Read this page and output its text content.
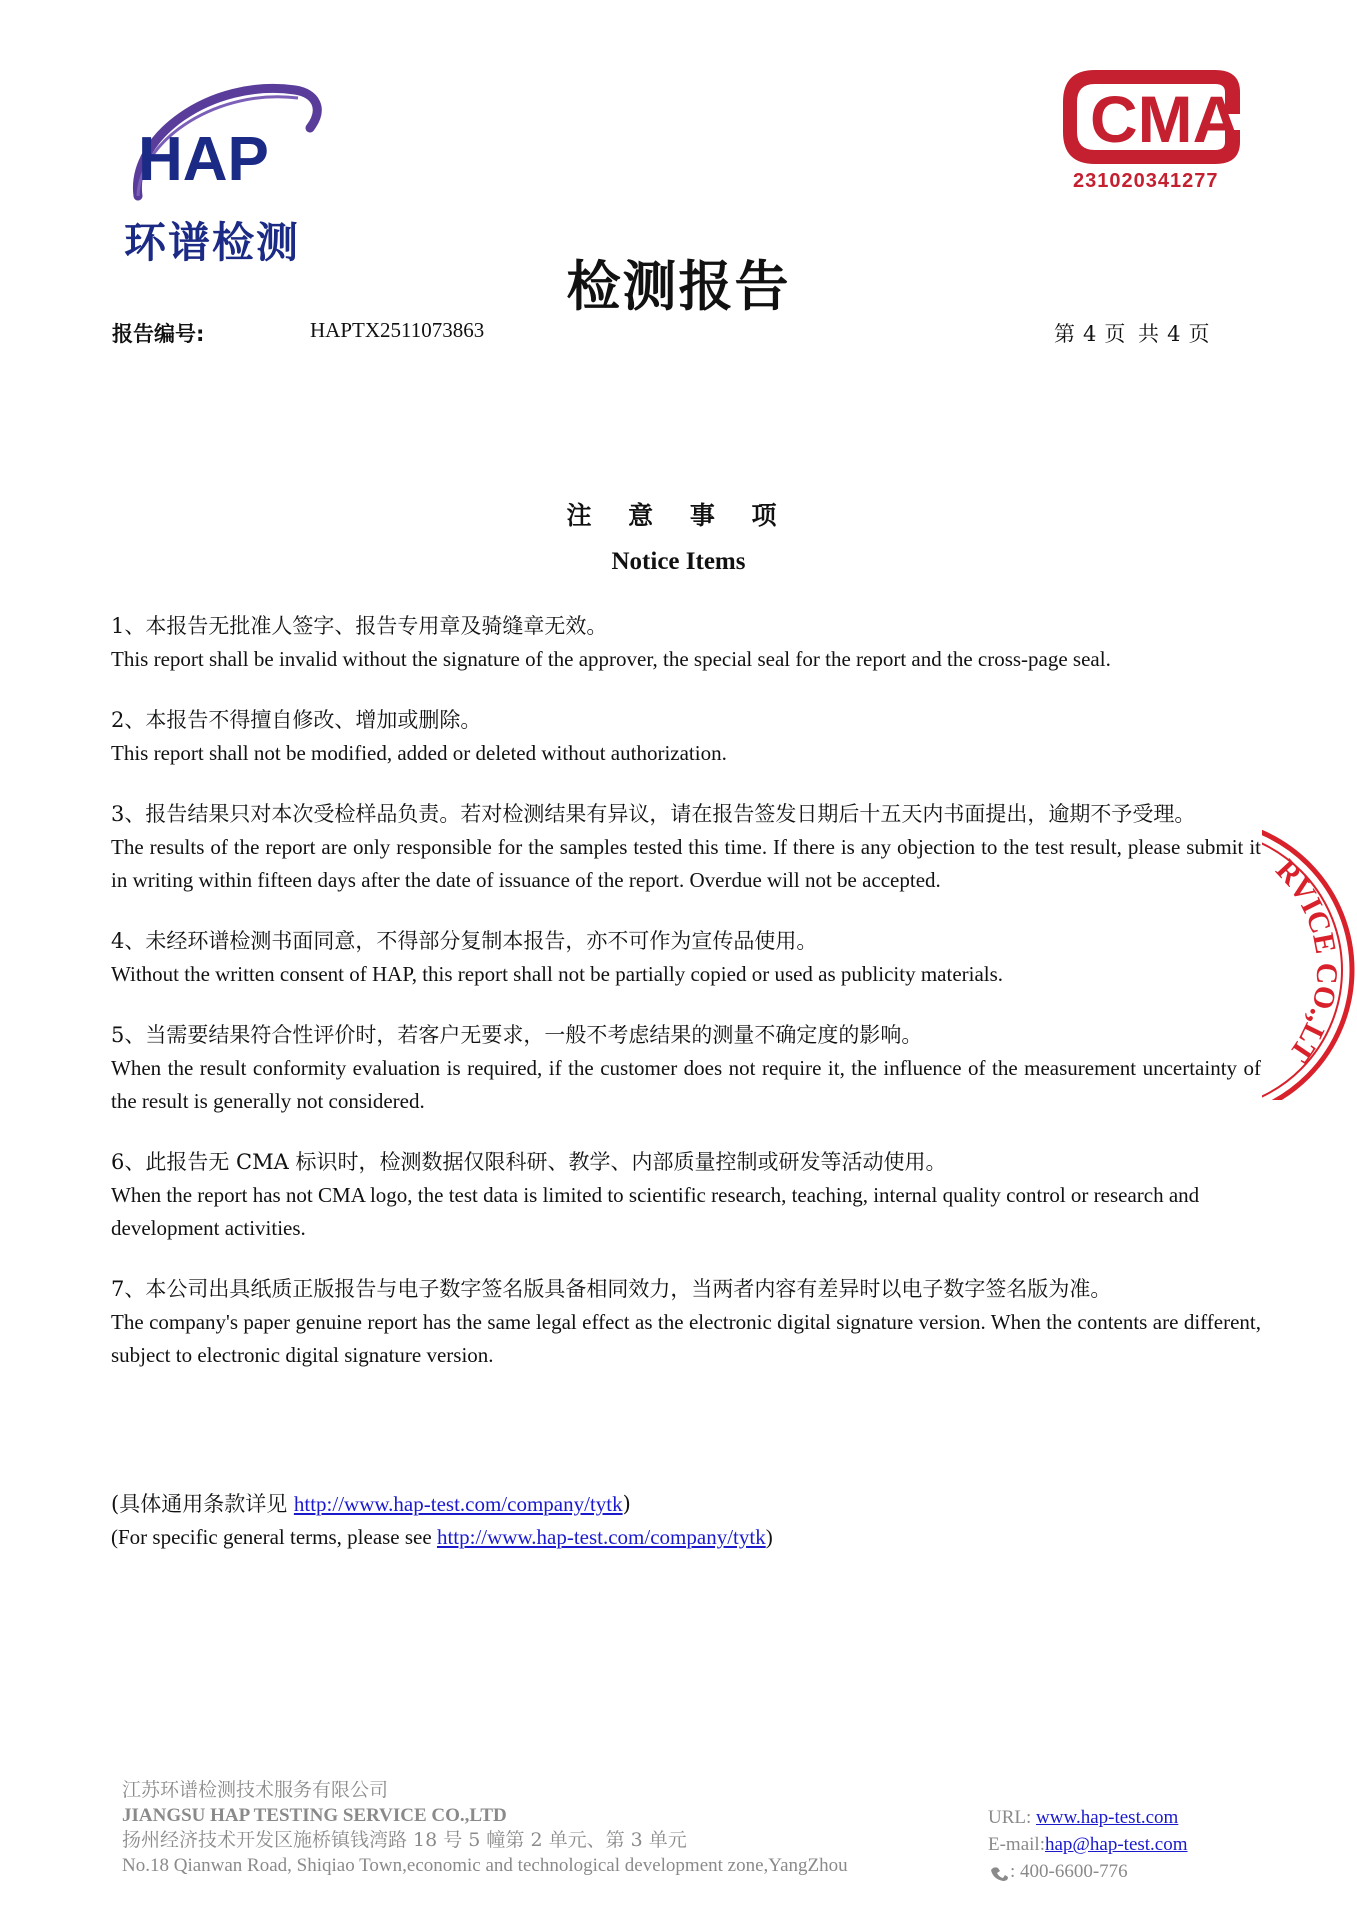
HAP
环谱检测
CMA
231020341277
检测报告
报告编号:	HAPTX2511073863	第 4 页 共 4 页
注 意 事 项
Notice Items
1、本报告无批准人签字、报告专用章及骑缝章无效。
This report shall be invalid without the signature of the approver, the special seal for the report and the cross-page seal.
2、本报告不得擅自修改、增加或删除。
This report shall not be modified, added or deleted without authorization.
3、报告结果只对本次受检样品负责。若对检测结果有异议，请在报告签发日期后十五天内书面提出，逾期不予受理。
The results of the report are only responsible for the samples tested this time. If there is any objection to the test result, please submit it in writing within fifteen days after the date of issuance of the report. Overdue will not be accepted.
4、未经环谱检测书面同意，不得部分复制本报告，亦不可作为宣传品使用。
Without the written consent of HAP, this report shall not be partially copied or used as publicity materials.
5、当需要结果符合性评价时，若客户无要求，一般不考虑结果的测量不确定度的影响。
When the result conformity evaluation is required, if the customer does not require it, the influence of the measurement uncertainty of the result is generally not considered.
6、此报告无 CMA 标识时，检测数据仅限科研、教学、内部质量控制或研发等活动使用。
When the report has not CMA logo, the test data is limited to scientific research, teaching, internal quality control or research and development activities.
7、本公司出具纸质正版报告与电子数字签名版具备相同效力，当两者内容有差异时以电子数字签名版为准。
The company's paper genuine report has the same legal effect as the electronic digital signature version. When the contents are different, subject to electronic digital signature version.
(具体通用条款详见 http://www.hap-test.com/company/tytk)
(For specific general terms, please see http://www.hap-test.com/company/tytk)
RVICE CO.,LT
江苏环谱检测技术服务有限公司
JIANGSU HAP TESTING SERVICE CO.,LTD
扬州经济技术开发区施桥镇钱湾路 18 号 5 幢第 2 单元、第 3 单元
No.18 Qianwan Road, Shiqiao Town,economic and technological development zone,YangZhou
URL: www.hap-test.com
E-mail:hap@hap-test.com
: 400-6600-776
